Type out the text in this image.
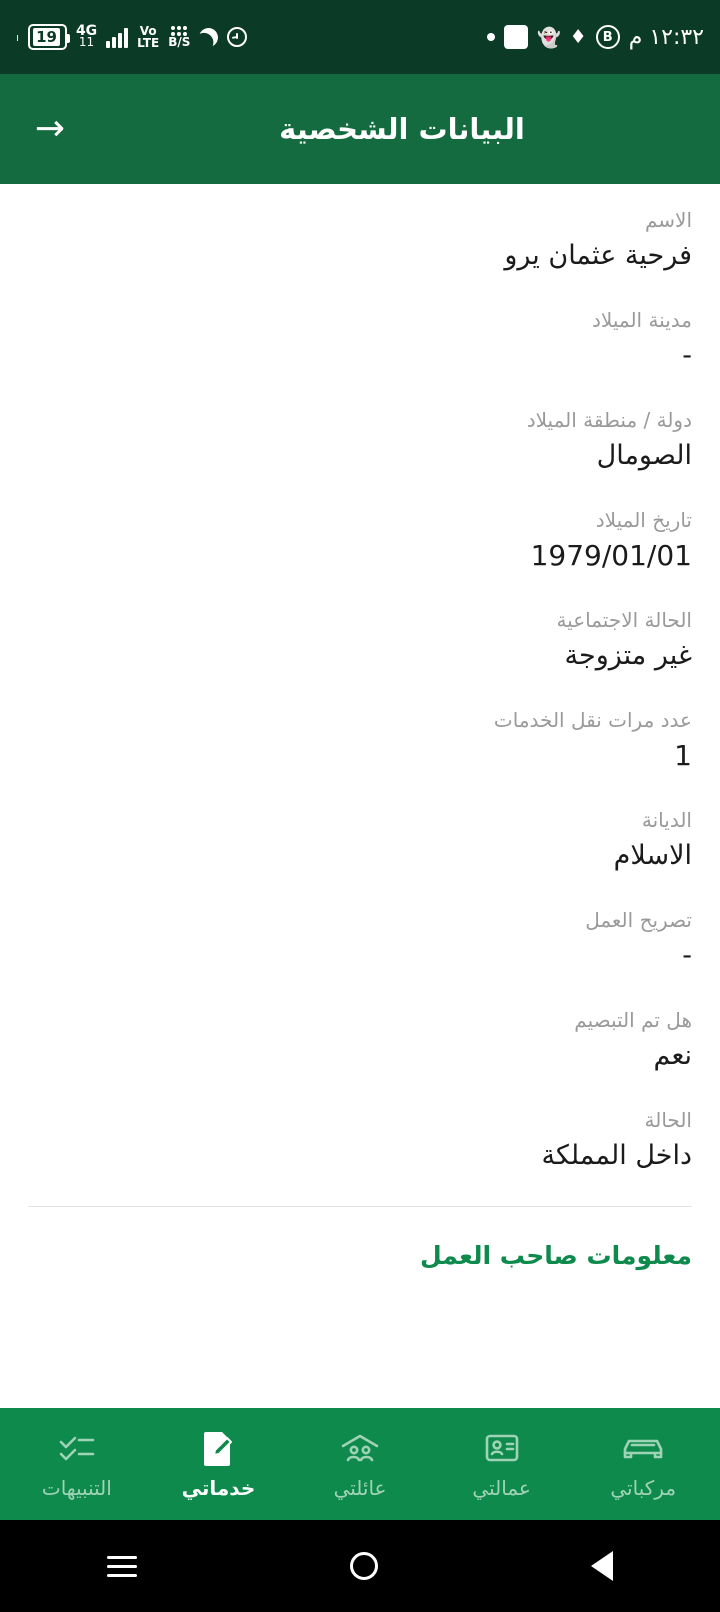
ı 19 4G
11
Vo
LTE B/S	👻 ♦	B ١٢:٣٢ م
البيانات الشخصية
→
الاسم
فرحية عثمان يرو
مدينة الميلاد
-
دولة / منطقة الميلاد
الصومال
تاريخ الميلاد
1979/01/01
الحالة الاجتماعية
غير متزوجة
عدد مرات نقل الخدمات
1
الديانة
الاسلام
تصريح العمل
-
هل تم التبصيم
نعم
الحالة
داخل المملكة
معلومات صاحب العمل
مركباتي
عمالتي
عائلتي
خدماتي
التنبيهات
